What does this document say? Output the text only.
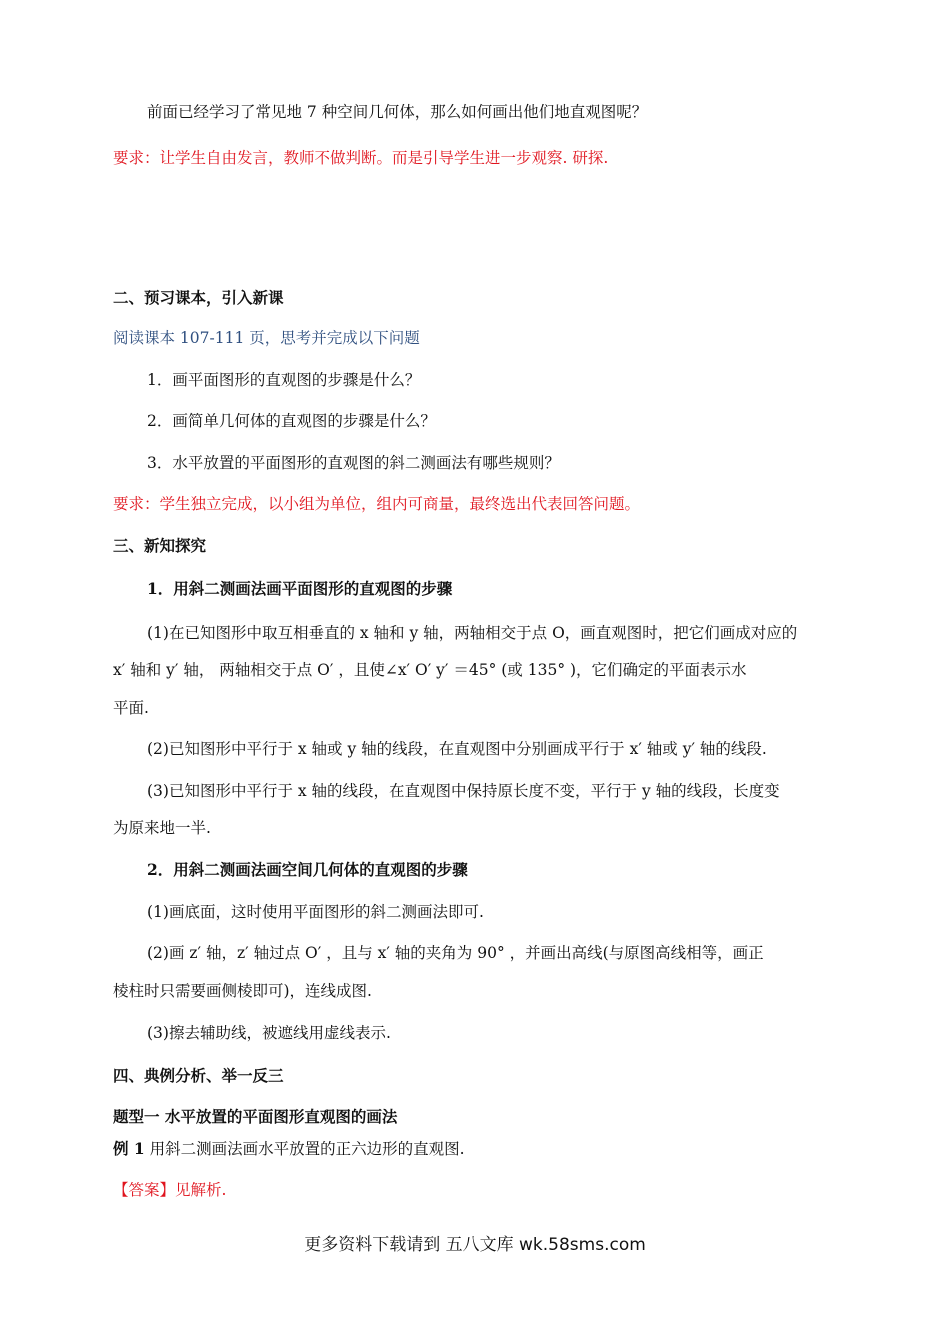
前面已经学习了常见地 7 种空间几何体，那么如何画出他们地直观图呢？
要求：让学生自由发言，教师不做判断。而是引导学生进一步观察. 研探.
二、预习课本，引入新课
阅读课本 107-111 页，思考并完成以下问题
1．画平面图形的直观图的步骤是什么？
2．画简单几何体的直观图的步骤是什么？
3．水平放置的平面图形的直观图的斜二测画法有哪些规则？
要求：学生独立完成，以小组为单位，组内可商量，最终选出代表回答问题。
三、新知探究
1．用斜二测画法画平面图形的直观图的步骤
(1)在已知图形中取互相垂直的 x 轴和 y 轴，两轴相交于点 O，画直观图时，把它们画成对应的
x′ 轴和 y′ 轴， 两轴相交于点 O′ ，且使∠x′ O′ y′ ＝45° (或 135° )，它们确定的平面表示水
平面.
(2)已知图形中平行于 x 轴或 y 轴的线段，在直观图中分别画成平行于 x′ 轴或 y′ 轴的线段.
(3)已知图形中平行于 x 轴的线段，在直观图中保持原长度不变，平行于 y 轴的线段，长度变
为原来地一半.
2．用斜二测画法画空间几何体的直观图的步骤
(1)画底面，这时使用平面图形的斜二测画法即可.
(2)画 z′ 轴，z′ 轴过点 O′ ，且与 x′ 轴的夹角为 90° ，并画出高线(与原图高线相等，画正
棱柱时只需要画侧棱即可)，连线成图.
(3)擦去辅助线，被遮线用虚线表示.
四、典例分析、举一反三
题型一 水平放置的平面图形直观图的画法
例 1 用斜二测画法画水平放置的正六边形的直观图.
【答案】见解析.
更多资料下载请到 五八文库 wk.58sms.com
